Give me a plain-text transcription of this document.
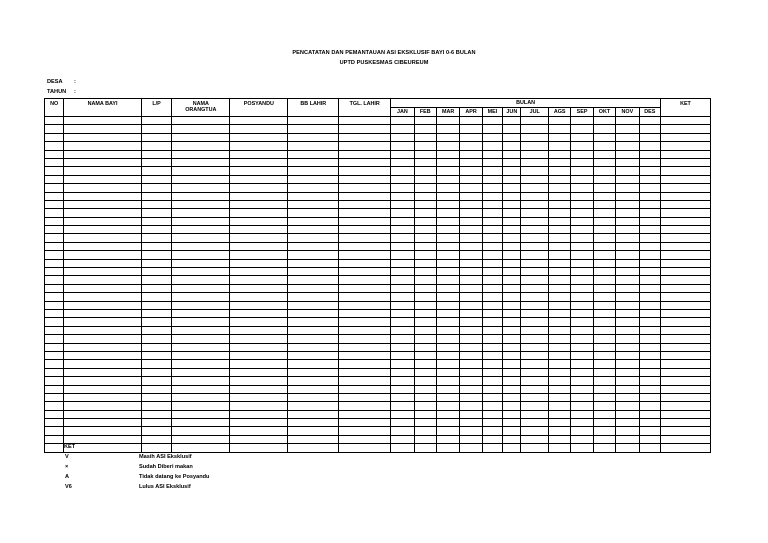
PENCATATAN DAN PEMANTAUAN ASI EKSKLUSIF BAYI 0-6 BULAN
UPTD PUSKESMAS CIBEUREUM
DESA :
TAHUN :
NO	NAMA BAYI	L/P	NAMA
ORANGTUA	POSYANDU	BB LAHIR	TGL. LAHIR	BULAN												KET
							JAN	FEB	MAR	APR	MEI	JUN	JUL	AGS	SEP	OKT	NOV	DES	

KET
V	Masih ASI Eksklusif
×	Sudah Diberi makan
A	Tidak datang ke Posyandu
V6	Lulus ASI Eksklusif
